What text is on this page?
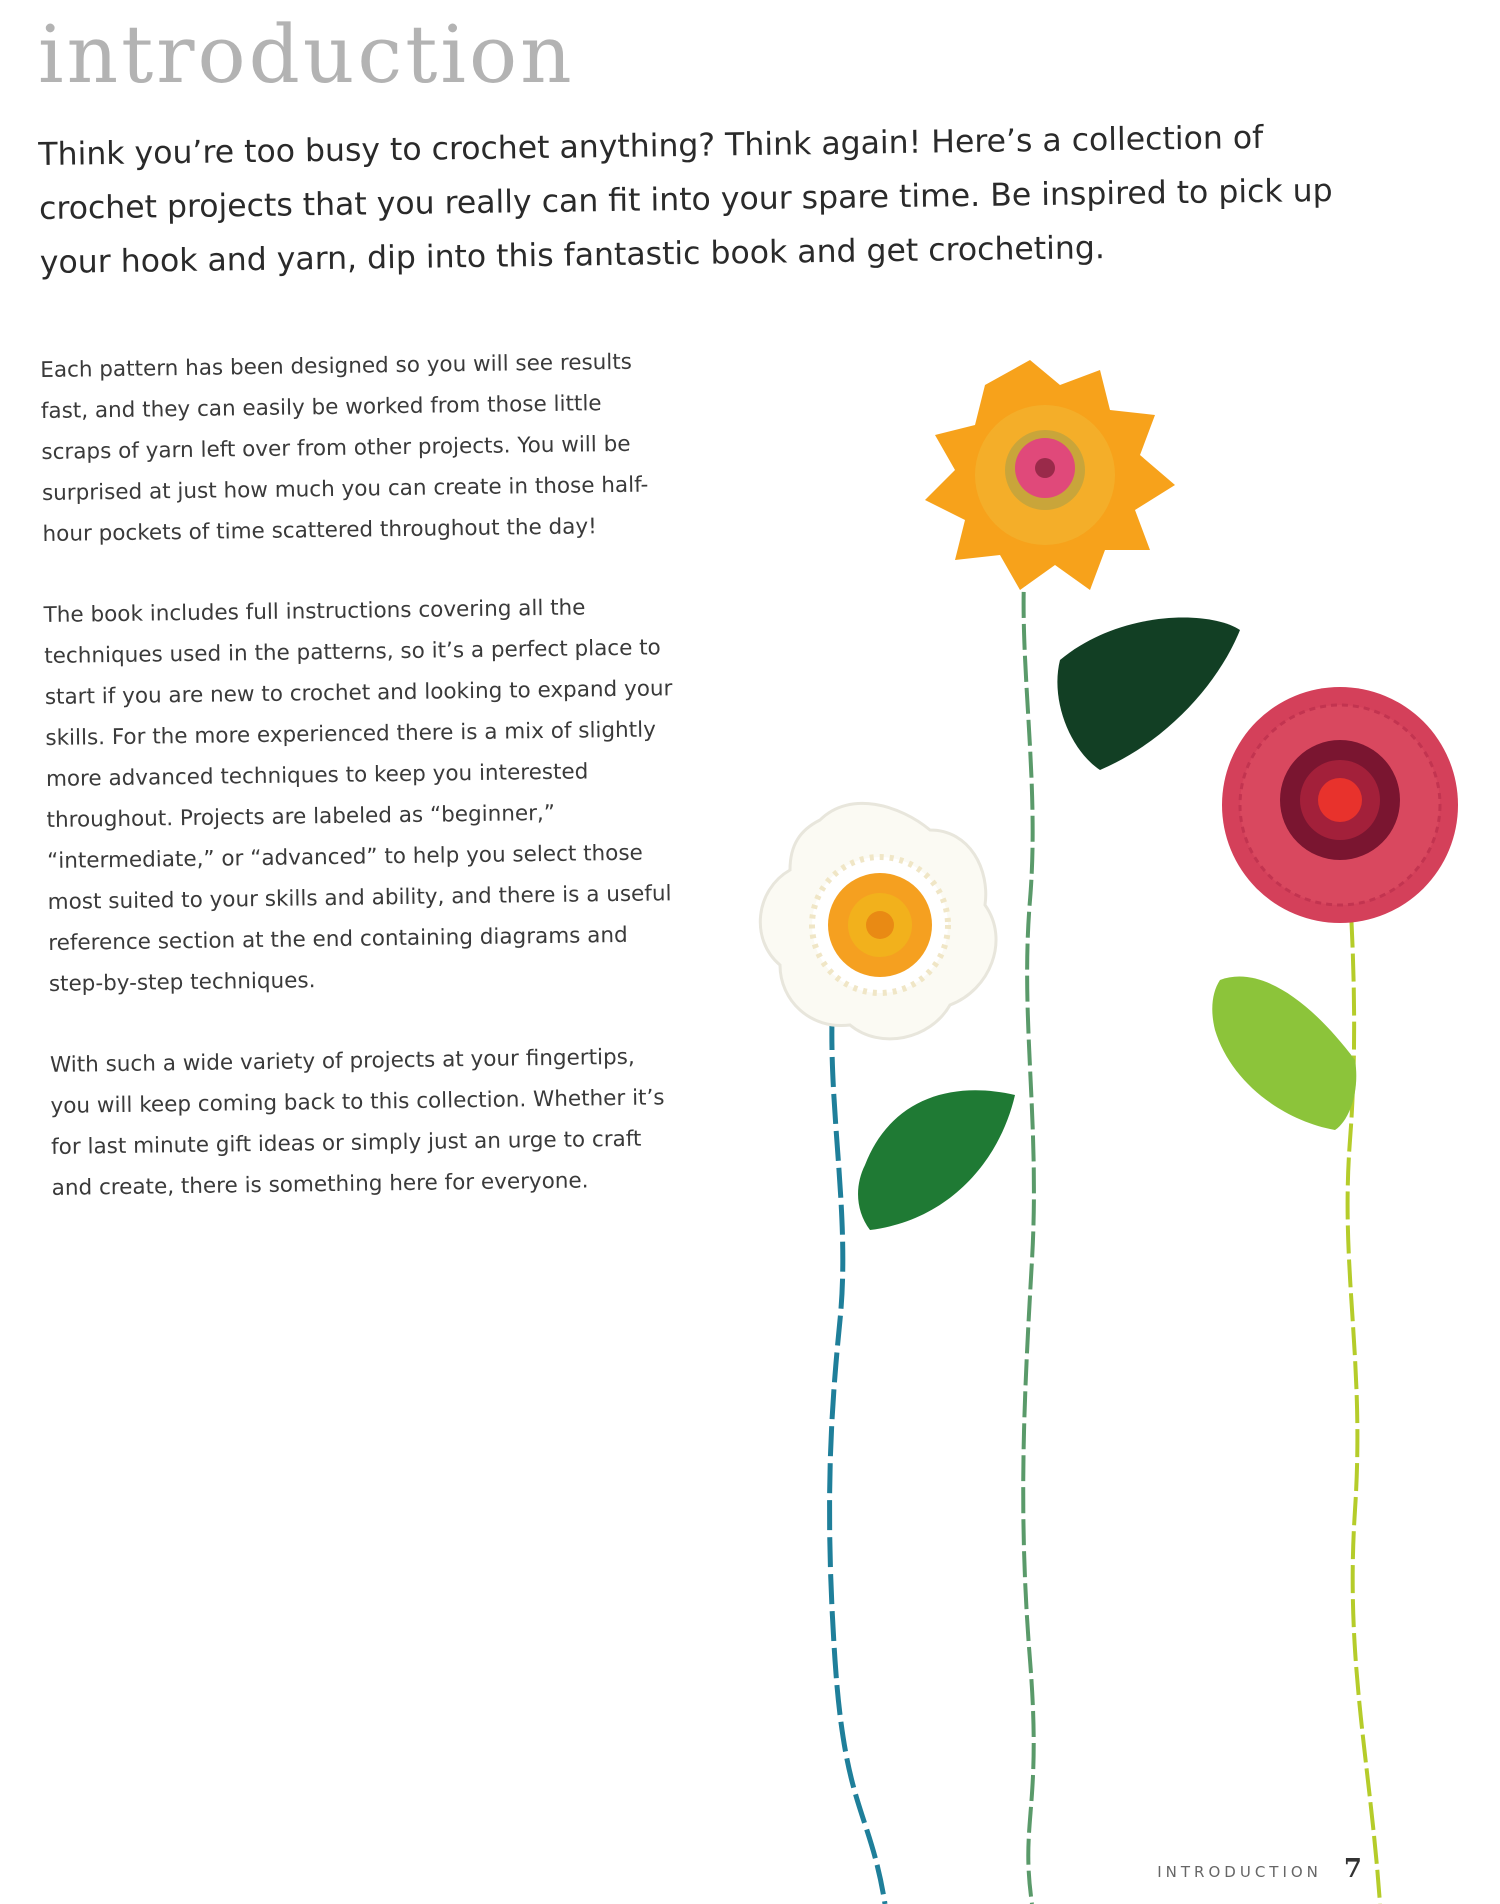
introduction

Think you’re too busy to crochet anything? Think again! Here’s a collection of crochet projects that you really can fit into your spare time. Be inspired to pick up your hook and yarn, dip into this fantastic book and get crocheting.

Each pattern has been designed so you will see results fast, and they can easily be worked from those little scraps of yarn left over from other projects. You will be surprised at just how much you can create in those half-hour pockets of time scattered throughout the day!

The book includes full instructions covering all the techniques used in the patterns, so it’s a perfect place to start if you are new to crochet and looking to expand your skills. For the more experienced there is a mix of slightly more advanced techniques to keep you interested throughout. Projects are labeled as “beginner,” “intermediate,” or “advanced” to help you select those most suited to your skills and ability, and there is a useful reference section at the end containing diagrams and step-by-step techniques.

With such a wide variety of projects at your fingertips, you will keep coming back to this collection. Whether it’s for last minute gift ideas or simply just an urge to craft and create, there is something here for everyone.

INTRODUCTION 7
